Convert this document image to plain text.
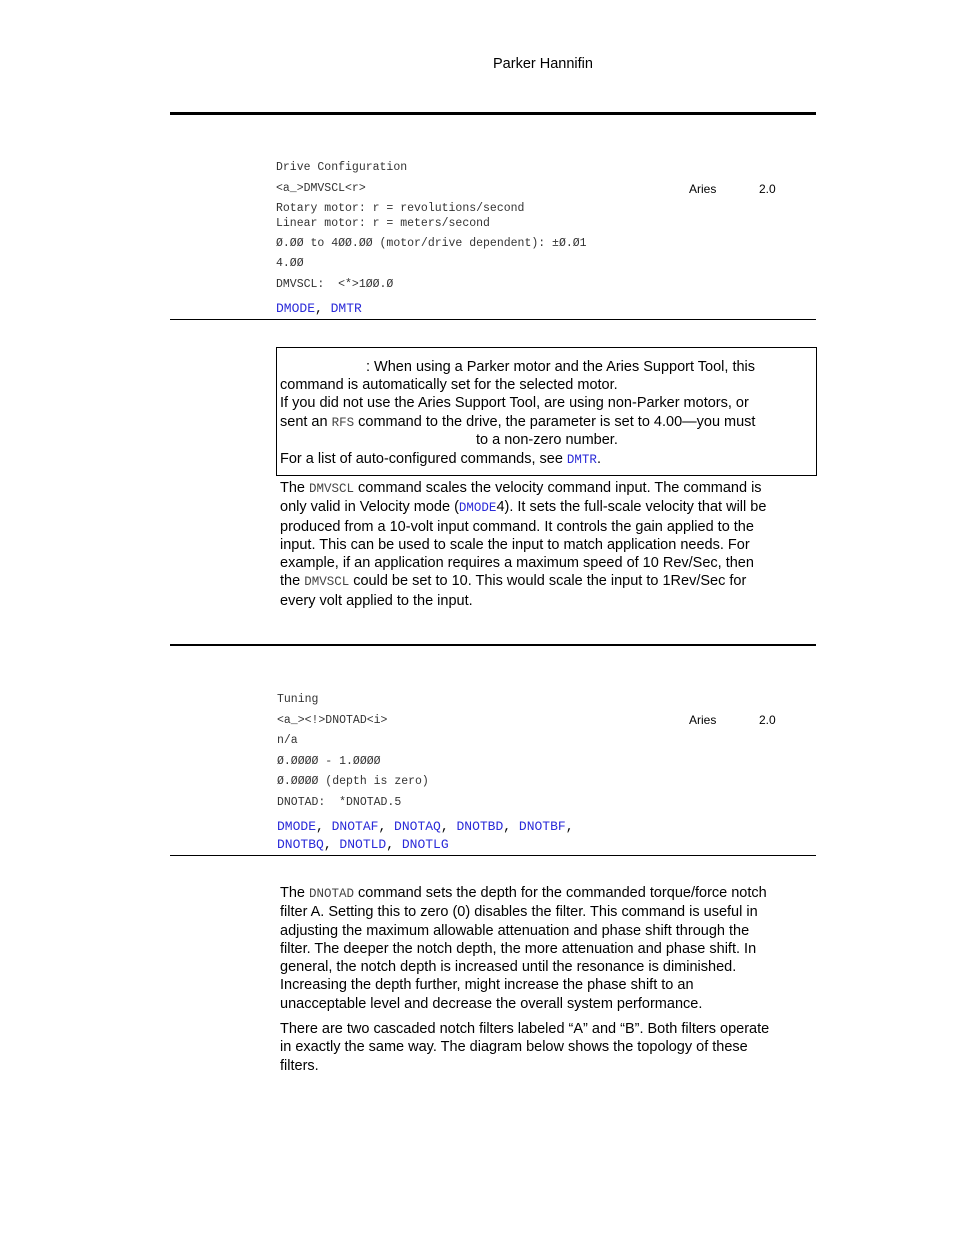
Parker Hannifin
Drive Configuration
<a_>DMVSCL<r>	Aries	2.0
Rotary motor: r = revolutions/second
Linear motor: r = meters/second
Ø.ØØ to 4ØØ.ØØ (motor/drive dependent): ±Ø.Ø1
4.ØØ
DMVSCL:  <*>1ØØ.Ø
DMODE, DMTR
: When using a Parker motor and the Aries Support Tool, this
command is automatically set for the selected motor.
If you did not use the Aries Support Tool, are using non-Parker motors, or
sent an RFS command to the drive, the parameter is set to 4.00—you must
to a non-zero number.
For a list of auto-configured commands, see DMTR.
The DMVSCL command scales the velocity command input. The command is
only valid in Velocity mode (DMODE4). It sets the full-scale velocity that will be
produced from a 10-volt input command. It controls the gain applied to the
input. This can be used to scale the input to match application needs. For
example, if an application requires a maximum speed of 10 Rev/Sec, then
the DMVSCL could be set to 10. This would scale the input to 1Rev/Sec for
every volt applied to the input.
Tuning
<a_><!>DNOTAD<i>	Aries	2.0
n/a
Ø.ØØØØ - 1.ØØØØ
Ø.ØØØØ (depth is zero)
DNOTAD:  *DNOTAD.5
DMODE, DNOTAF, DNOTAQ, DNOTBD, DNOTBF,
DNOTBQ, DNOTLD, DNOTLG
The DNOTAD command sets the depth for the commanded torque/force notch
filter A. Setting this to zero (0) disables the filter. This command is useful in
adjusting the maximum allowable attenuation and phase shift through the
filter. The deeper the notch depth, the more attenuation and phase shift. In
general, the notch depth is increased until the resonance is diminished.
Increasing the depth further, might increase the phase shift to an
unacceptable level and decrease the overall system performance.
There are two cascaded notch filters labeled “A” and “B”. Both filters operate
in exactly the same way. The diagram below shows the topology of these
filters.
